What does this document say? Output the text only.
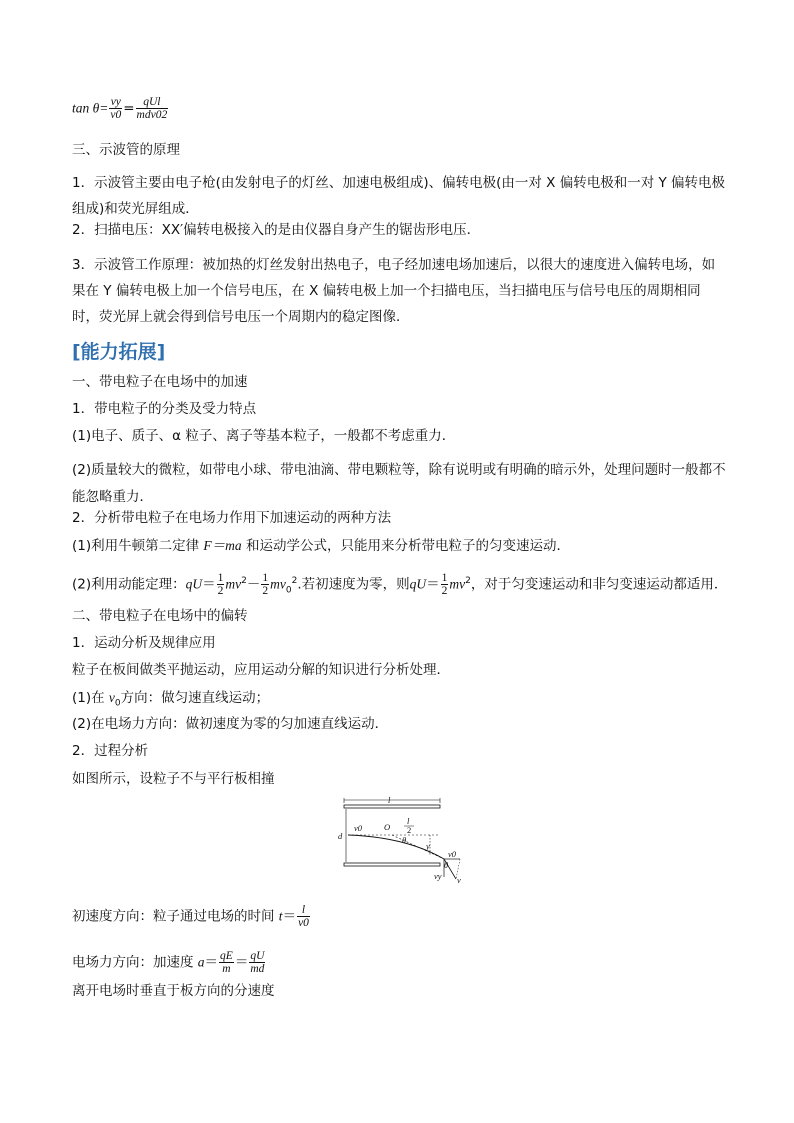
$\tan \theta= \frac{vy}{v0} = \frac{\text{qUl}}{\text{mdv02}}$
三、示波管的原理
1．示波管主要由电子枪(由发射电子的灯丝、加速电极组成)、偏转电极(由一对 X 偏转电极和一对 Y 偏转电极组成)和荧光屏组成．
2．扫描电压：XX′偏转电极接入的是由仪器自身产生的锯齿形电压．
3．示波管工作原理：被加热的灯丝发射出热电子，电子经加速电场加速后，以很大的速度进入偏转电场，如果在 Y 偏转电极上加一个信号电压，在 X 偏转电极上加一个扫描电压，当扫描电压与信号电压的周期相同时，荧光屏上就会得到信号电压一个周期内的稳定图像．
[能力拓展]
一、带电粒子在电场中的加速
1．带电粒子的分类及受力特点
(1)电子、质子、α 粒子、离子等基本粒子，一般都不考虑重力．
(2)质量较大的微粒，如带电小球、带电油滴、带电颗粒等，除有说明或有明确的暗示外，处理问题时一般都不能忽略重力．
2．分析带电粒子在电场力作用下加速运动的两种方法
(1)利用牛顿第二定律 F＝ma 和运动学公式，只能用来分析带电粒子的匀变速运动．
(2)利用动能定理：$qU= \frac{1}{2} mv^2- \frac{1}{2} mv_0^2$.若初速度为零，则$qU= \frac{1}{2} mv^2$，对于匀变速运动和非匀变速运动都适用．
二、带电粒子在电场中的偏转
1．运动分析及规律应用
粒子在板间做类平抛运动，应用运动分解的知识进行分析处理．
(1)在 $v_0$方向：做匀速直线运动；
(2)在电场力方向：做初速度为零的匀加速直线运动．
2．过程分析
如图所示，设粒子不与平行板相撞
l
d
v0	O
l
2
θ
y
v0
θ
vy v
初速度方向：粒子通过电场的时间 $t= \frac{l}{v0}$
电场力方向：加速度 $a= \frac{qE}{m} = \frac{qU}{md}$
离开电场时垂直于板方向的分速度
